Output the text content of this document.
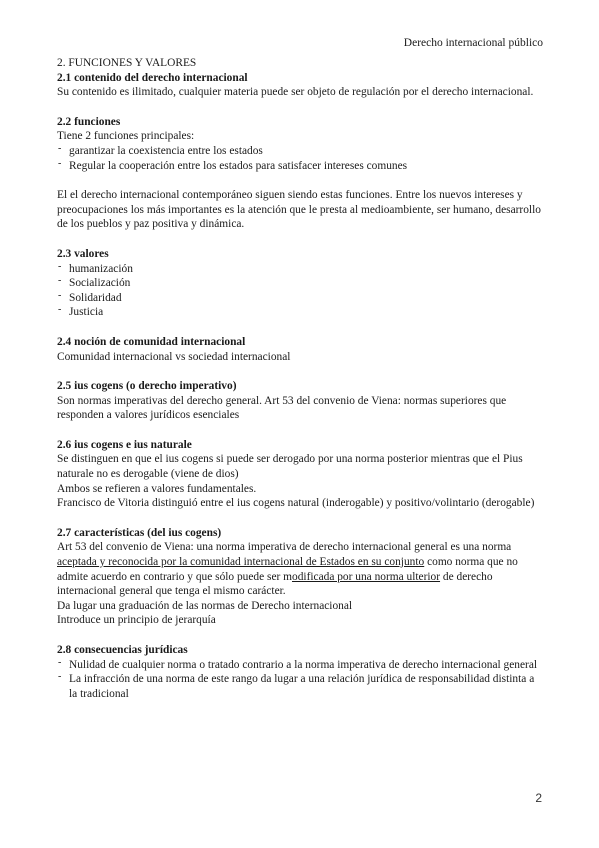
Derecho internacional público

2. FUNCIONES Y VALORES

2.1 contenido del derecho internacional

Su contenido es ilimitado, cualquier materia puede ser objeto de regulación por el derecho internacional.

2.2 funciones

Tiene 2 funciones principales:

- garantizar la coexistencia entre los estados
- Regular la cooperación entre los estados para satisfacer intereses comunes

El el derecho internacional contemporáneo siguen siendo estas funciones. Entre los nuevos intereses y preocupaciones los más importantes es la atención que le presta al medioambiente, ser humano, desarrollo de los pueblos y paz positiva y dinámica.

2.3 valores

- humanización
- Socialización
- Solidaridad
- Justicia

2.4 noción de comunidad internacional

Comunidad internacional vs sociedad internacional

2.5 ius cogens (o derecho imperativo)

Son normas imperativas del derecho general. Art 53 del convenio de Viena: normas superiores que responden a valores jurídicos esenciales

2.6 ius cogens e ius naturale

Se distinguen en que el ius cogens si puede ser derogado por una norma posterior mientras que el Pius naturale no es derogable (viene de dios)

Ambos se refieren a valores fundamentales.

Francisco de Vitoria distinguió entre el ius cogens natural (inderogable) y positivo/volintario (derogable)

2.7 características (del ius cogens)

Art 53 del convenio de Viena: una norma imperativa de derecho internacional general es una norma aceptada y reconocida por la comunidad internacional de Estados en su conjunto como norma que no admite acuerdo en contrario y que sólo puede ser modificada por una norma ulterior de derecho internacional general que tenga el mismo carácter.

Da lugar una graduación de las normas de Derecho internacional

Introduce un principio de jerarquía

2.8 consecuencias jurídicas

- Nulidad de cualquier norma o tratado contrario a la norma imperativa de derecho internacional general
- La infracción de una norma de este rango da lugar a una relación jurídica de responsabilidad distinta a la tradicional
2
